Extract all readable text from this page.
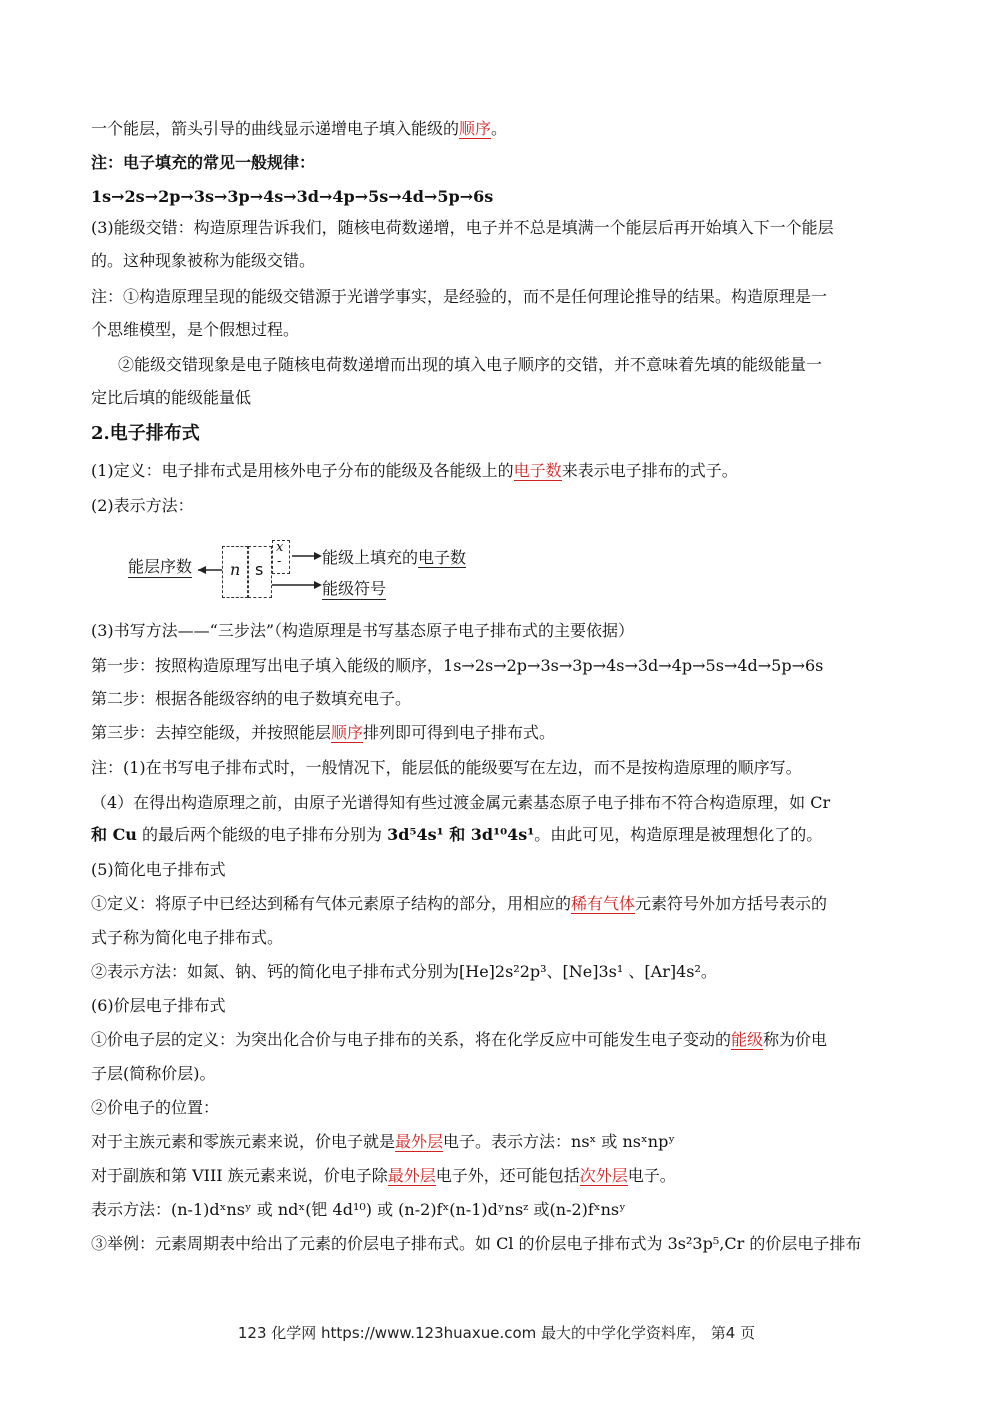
一个能层，箭头引导的曲线显示递增电子填入能级的顺序。
注：电子填充的常见一般规律：
1s→2s→2p→3s→3p→4s→3d→4p→5s→4d→5p→6s
(3)能级交错：构造原理告诉我们，随核电荷数递增，电子并不总是填满一个能层后再开始填入下一个能层
的。这种现象被称为能级交错。
注：①构造原理呈现的能级交错源于光谱学事实，是经验的，而不是任何理论推导的结果。构造原理是一
个思维模型，是个假想过程。
②能级交错现象是电子随核电荷数递增而出现的填入电子顺序的交错，并不意味着先填的能级能量一
定比后填的能级能量低
2.电子排布式
(1)定义：电子排布式是用核外电子分布的能级及各能级上的电子数来表示电子排布的式子。
(2)表示方法：
能层序数 n s
x
-	能级上填充的电子数
能级符号
(3)书写方法——“三步法”（构造原理是书写基态原子电子排布式的主要依据）
第一步：按照构造原理写出电子填入能级的顺序，1s→2s→2p→3s→3p→4s→3d→4p→5s→4d→5p→6s
第二步：根据各能级容纳的电子数填充电子。
第三步：去掉空能级，并按照能层顺序排列即可得到电子排布式。
注：(1)在书写电子排布式时，一般情况下，能层低的能级要写在左边，而不是按构造原理的顺序写。
（4）在得出构造原理之前，由原子光谱得知有些过渡金属元素基态原子电子排布不符合构造原理，如 Cr
和 Cu 的最后两个能级的电子排布分别为 3d⁵4s¹ 和 3d¹⁰4s¹。由此可见，构造原理是被理想化了的。
(5)简化电子排布式
①定义：将原子中已经达到稀有气体元素原子结构的部分，用相应的稀有气体元素符号外加方括号表示的
式子称为简化电子排布式。
②表示方法：如氮、钠、钙的简化电子排布式分别为[He]2s²2p³、[Ne]3s¹ 、[Ar]4s²。
(6)价层电子排布式
①价电子层的定义：为突出化合价与电子排布的关系，将在化学反应中可能发生电子变动的能级称为价电
子层(简称价层)。
②价电子的位置：
对于主族元素和零族元素来说，价电子就是最外层电子。表示方法：nsˣ 或 nsˣnpʸ
对于副族和第 VIII 族元素来说，价电子除最外层电子外，还可能包括次外层电子。
表示方法：(n-1)dˣnsʸ 或 ndˣ(钯 4d¹⁰) 或 (n-2)fˣ(n-1)dʸnsᶻ 或(n-2)fˣnsʸ
③举例：元素周期表中给出了元素的价层电子排布式。如 Cl 的价层电子排布式为 3s²3p⁵,Cr 的价层电子排布
123 化学网 https://www.123huaxue.com 最大的中学化学资料库， 第4 页
